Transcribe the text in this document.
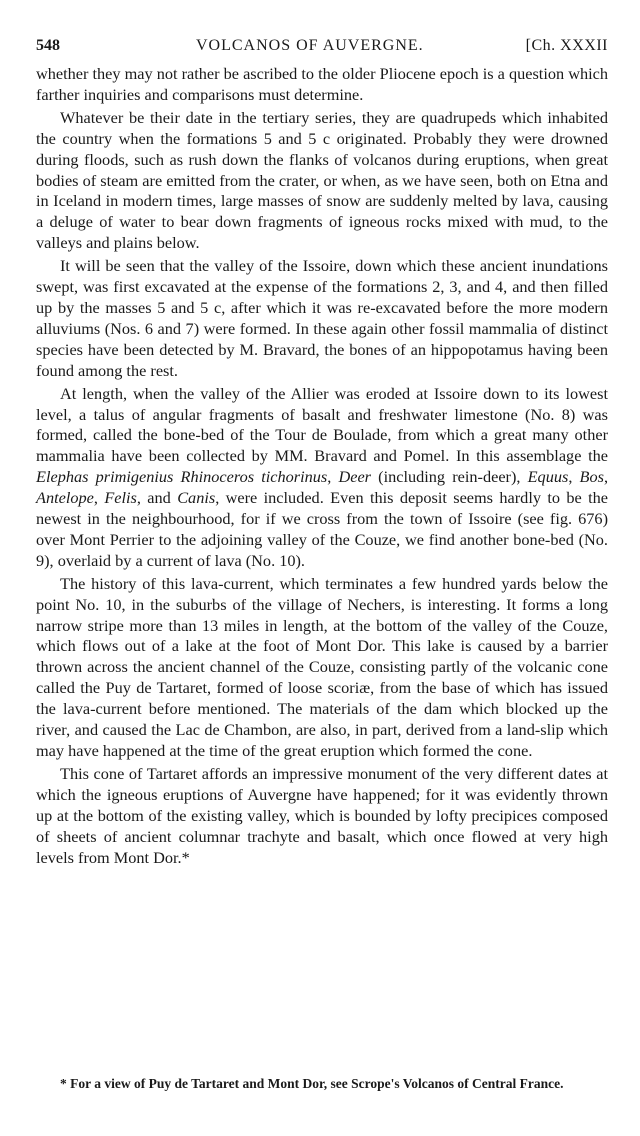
548	VOLCANOS OF AUVERGNE.	[Ch. XXXII

whether they may not rather be ascribed to the older Pliocene epoch is a question which farther inquiries and comparisons must determine.

Whatever be their date in the tertiary series, they are quadrupeds which inhabited the country when the formations 5 and 5 c originated. Probably they were drowned during floods, such as rush down the flanks of volcanos during eruptions, when great bodies of steam are emitted from the crater, or when, as we have seen, both on Etna and in Iceland in modern times, large masses of snow are suddenly melted by lava, causing a deluge of water to bear down fragments of igneous rocks mixed with mud, to the valleys and plains below.

It will be seen that the valley of the Issoire, down which these ancient inundations swept, was first excavated at the expense of the formations 2, 3, and 4, and then filled up by the masses 5 and 5 c, after which it was re-excavated before the more modern alluviums (Nos. 6 and 7) were formed. In these again other fossil mammalia of distinct species have been detected by M. Bravard, the bones of an hippopotamus having been found among the rest.

At length, when the valley of the Allier was eroded at Issoire down to its lowest level, a talus of angular fragments of basalt and freshwater limestone (No. 8) was formed, called the bone-bed of the Tour de Boulade, from which a great many other mammalia have been collected by MM. Bravard and Pomel. In this assemblage the Elephas primigenius Rhinoceros tichorinus, Deer (including rein-deer), Equus, Bos, Antelope, Felis, and Canis, were included. Even this deposit seems hardly to be the newest in the neighbourhood, for if we cross from the town of Issoire (see fig. 676) over Mont Perrier to the adjoining valley of the Couze, we find another bone-bed (No. 9), overlaid by a current of lava (No. 10).

The history of this lava-current, which terminates a few hundred yards below the point No. 10, in the suburbs of the village of Nechers, is interesting. It forms a long narrow stripe more than 13 miles in length, at the bottom of the valley of the Couze, which flows out of a lake at the foot of Mont Dor. This lake is caused by a barrier thrown across the ancient channel of the Couze, consisting partly of the volcanic cone called the Puy de Tartaret, formed of loose scoriæ, from the base of which has issued the lava-current before mentioned. The materials of the dam which blocked up the river, and caused the Lac de Chambon, are also, in part, derived from a land-slip which may have happened at the time of the great eruption which formed the cone.

This cone of Tartaret affords an impressive monument of the very different dates at which the igneous eruptions of Auvergne have happened; for it was evidently thrown up at the bottom of the existing valley, which is bounded by lofty precipices composed of sheets of ancient columnar trachyte and basalt, which once flowed at very high levels from Mont Dor.*

* For a view of Puy de Tartaret and Mont Dor, see Scrope's Volcanos of Central France.
